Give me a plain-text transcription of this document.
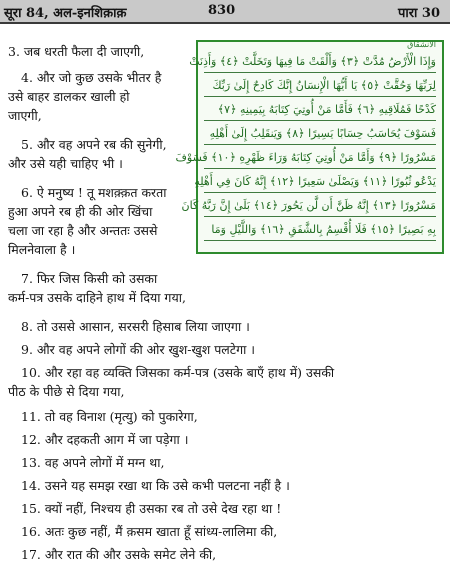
सूरा 84, अल-इनशिक़ाक़	830	पारा 30
الانشقاق
وَإِذَا الْأَرْضُ مُدَّتْ ﴿٣﴾ وَأَلْقَتْ مَا فِيهَا وَتَخَلَّتْ ﴿٤﴾ وَأَذِنَتْ
لِرَبِّهَا وَحُقَّتْ ﴿٥﴾ يَا أَيُّهَا الْإِنسَانُ إِنَّكَ كَادِحٌ إِلَىٰ رَبِّكَ
كَدْحًا فَمُلَاقِيهِ ﴿٦﴾ فَأَمَّا مَنْ أُوتِيَ كِتَابَهُ بِيَمِينِهِ ﴿٧﴾
فَسَوْفَ يُحَاسَبُ حِسَابًا يَسِيرًا ﴿٨﴾ وَيَنقَلِبُ إِلَىٰ أَهْلِهِ
مَسْرُورًا ﴿٩﴾ وَأَمَّا مَنْ أُوتِيَ كِتَابَهُ وَرَاءَ ظَهْرِهِ ﴿١٠﴾ فَسَوْفَ
يَدْعُو ثُبُورًا ﴿١١﴾ وَيَصْلَىٰ سَعِيرًا ﴿١٢﴾ إِنَّهُ كَانَ فِي أَهْلِهِ
مَسْرُورًا ﴿١٣﴾ إِنَّهُ ظَنَّ أَن لَّن يَحُورَ ﴿١٤﴾ بَلَىٰ إِنَّ رَبَّهُ كَانَ
بِهِ بَصِيرًا ﴿١٥﴾ فَلَا أُقْسِمُ بِالشَّفَقِ ﴿١٦﴾ وَاللَّيْلِ وَمَا
3. जब धरती फैला दी जाएगी,
4. और जो कुछ उसके भीतर है
उसे बाहर डालकर खाली हो
जाएगी,
5. और वह अपने रब की सुनेगी,
और उसे यही चाहिए भी ।
6. ऐ मनुष्य ! तू मशक़्क़त करता
हुआ अपने रब ही की ओर खिंचा
चला जा रहा है और अन्ततः उससे
मिलनेवाला है ।
7. फिर जिस किसी को उसका
कर्म-पत्र उसके दाहिने हाथ में दिया गया,
8. तो उससे आसान, सरसरी हिसाब लिया जाएगा ।
9. और वह अपने लोगों की ओर खुश-खुश पलटेगा ।
10. और रहा वह व्यक्ति जिसका कर्म-पत्र (उसके बाएँ हाथ में) उसकी
पीठ के पीछे से दिया गया,
11. तो वह विनाश (मृत्यु) को पुकारेगा,
12. और दहकती आग में जा पड़ेगा ।
13. वह अपने लोगों में मग्न था,
14. उसने यह समझ रखा था कि उसे कभी पलटना नहीं है ।
15. क्यों नहीं, निश्चय ही उसका रब तो उसे देख रहा था !
16. अतः कुछ नहीं, मैं क़सम खाता हूँ सांध्य-लालिमा की,
17. और रात की और उसके समेट लेने की,
